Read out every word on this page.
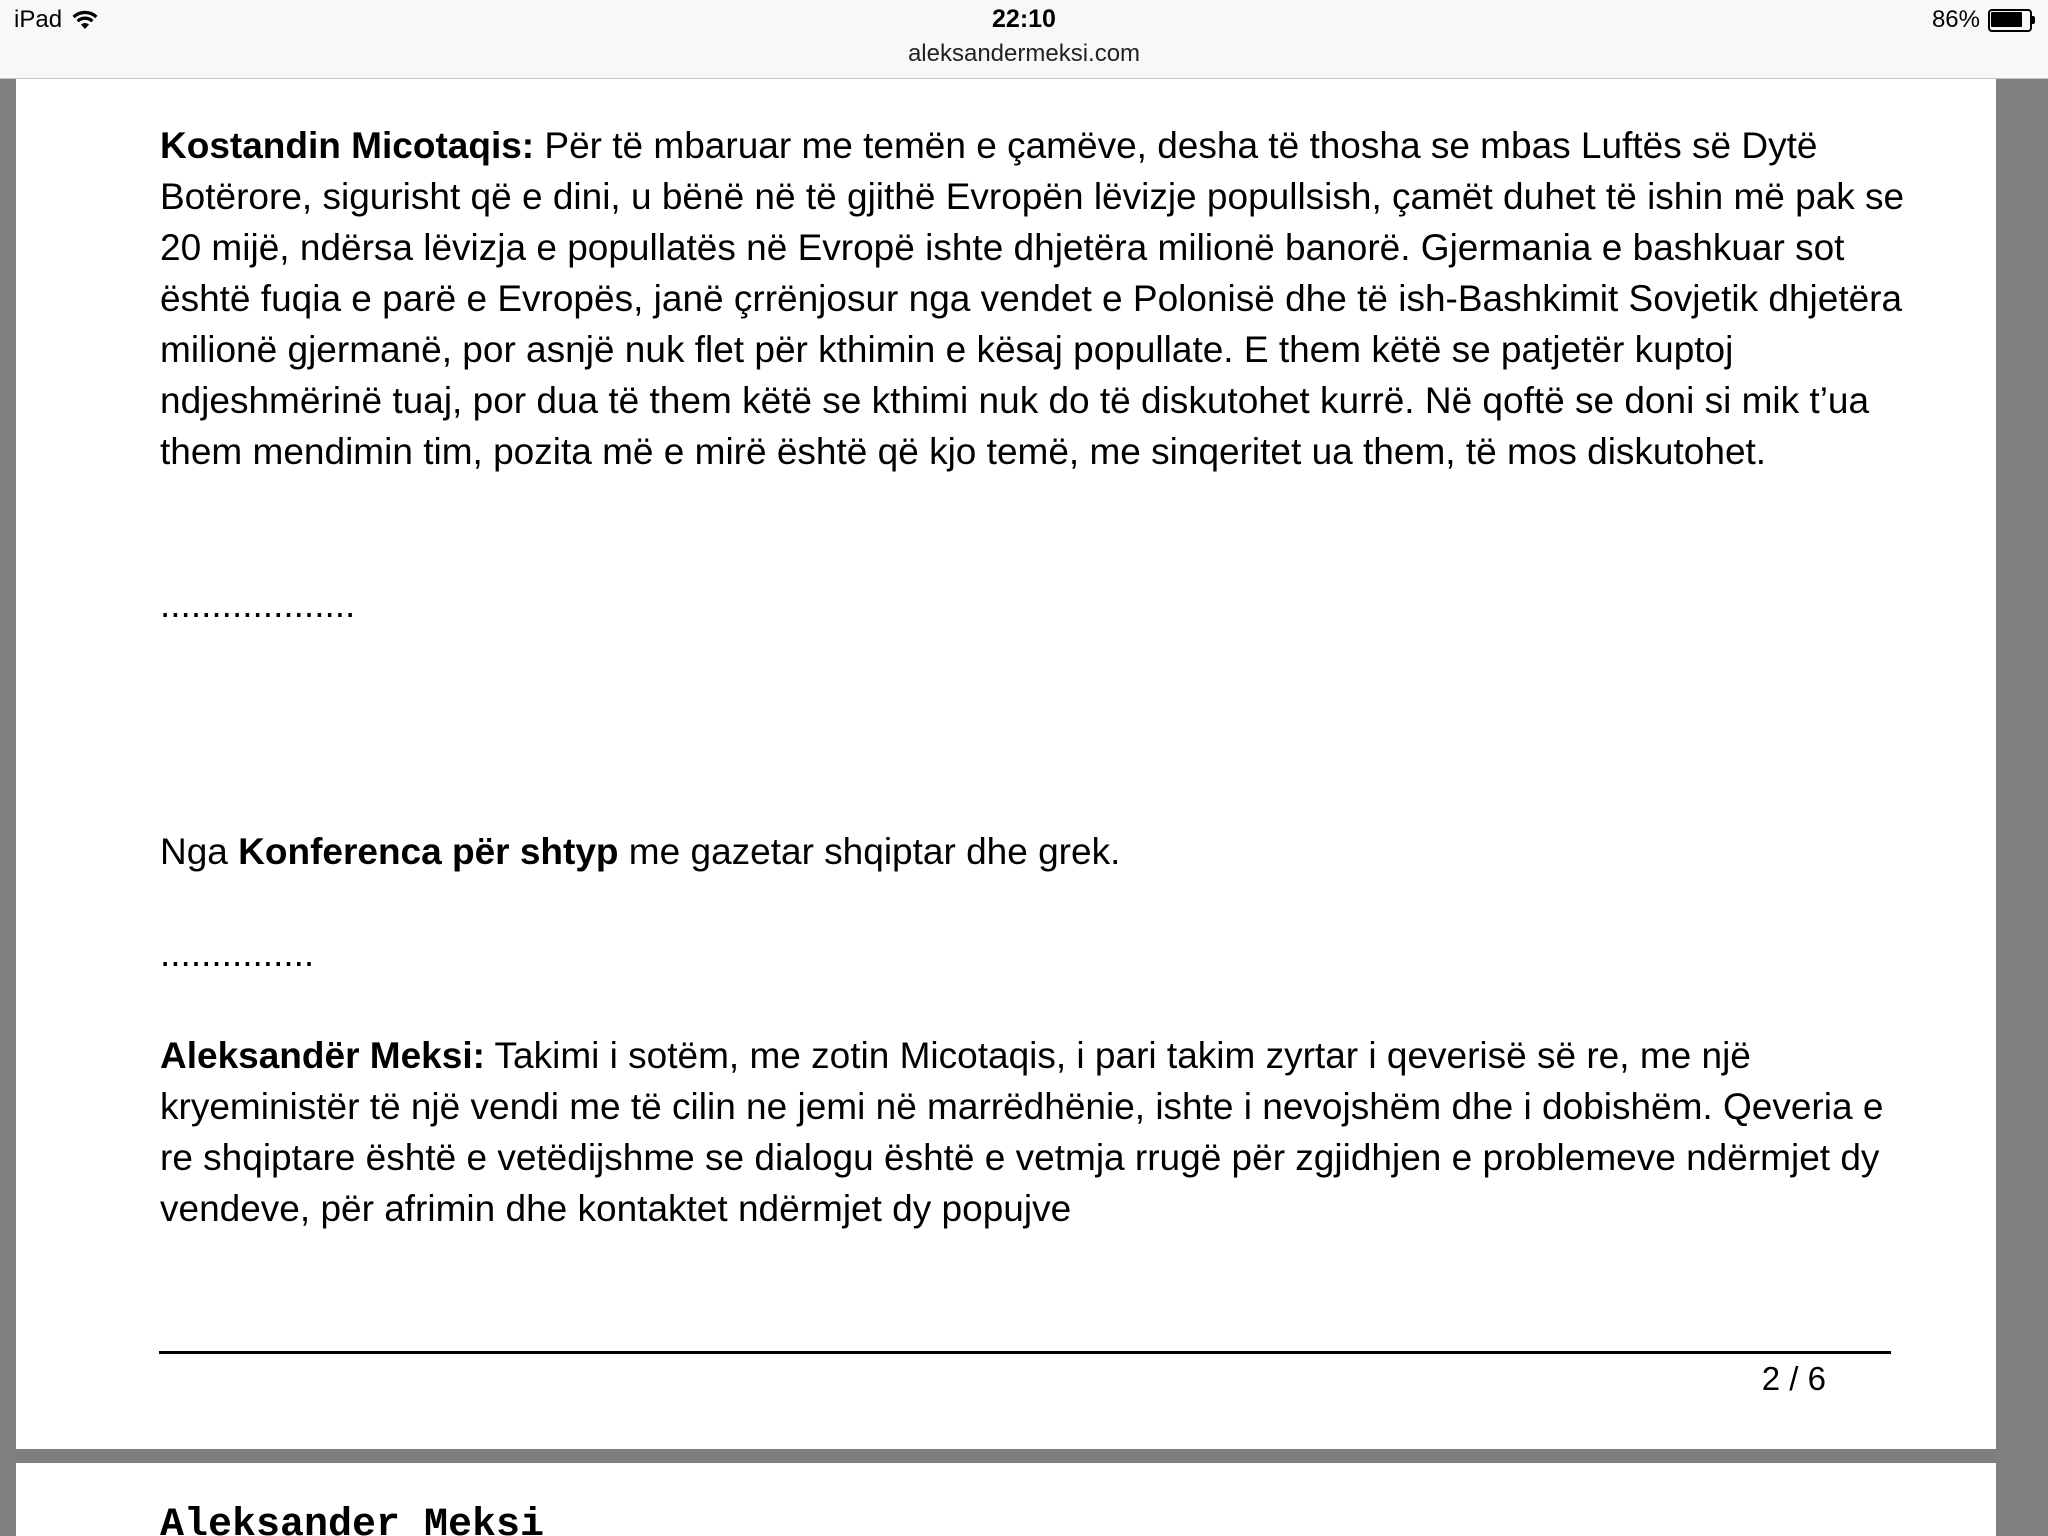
iPad	22:10
aleksandermeksi.com
86%

Kostandin Micotaqis: Për të mbaruar me temën e çamëve, desha të thosha se mbas Luftës së Dytë Botërore, sigurisht që e dini, u bënë në të gjithë Evropën lëvizje popullsish, çamët duhet të ishin më pak se 20 mijë, ndërsa lëvizja e popullatës në Evropë ishte dhjetëra milionë banorë. Gjermania e bashkuar sot është fuqia e parë e Evropës, janë çrrënjosur nga vendet e Polonisë dhe të ish-Bashkimit Sovjetik dhjetëra milionë gjermanë, por asnjë nuk flet për kthimin e kësaj popullate. E them këtë se patjetër kuptoj ndjeshmërinë tuaj, por dua të them këtë se kthimi nuk do të diskutohet kurrë. Në qoftë se doni si mik t’ua them mendimin tim, pozita më e mirë është që kjo temë, me sinqeritet ua them, të mos diskutohet.

...................

Nga Konferenca për shtyp me gazetar shqiptar dhe grek.

...............

Aleksandër Meksi: Takimi i sotëm, me zotin Micotaqis, i pari takim zyrtar i qeverisë së re, me një kryeministër të një vendi me të cilin ne jemi në marrëdhënie, ishte i nevojshëm dhe i dobishëm. Qeveria e re shqiptare është e vetëdijshme se dialogu është e vetmja rrugë për zgjidhjen e problemeve ndërmjet dy vendeve, për afrimin dhe kontaktet ndërmjet dy popujve

2 / 6
Aleksander Meksi
